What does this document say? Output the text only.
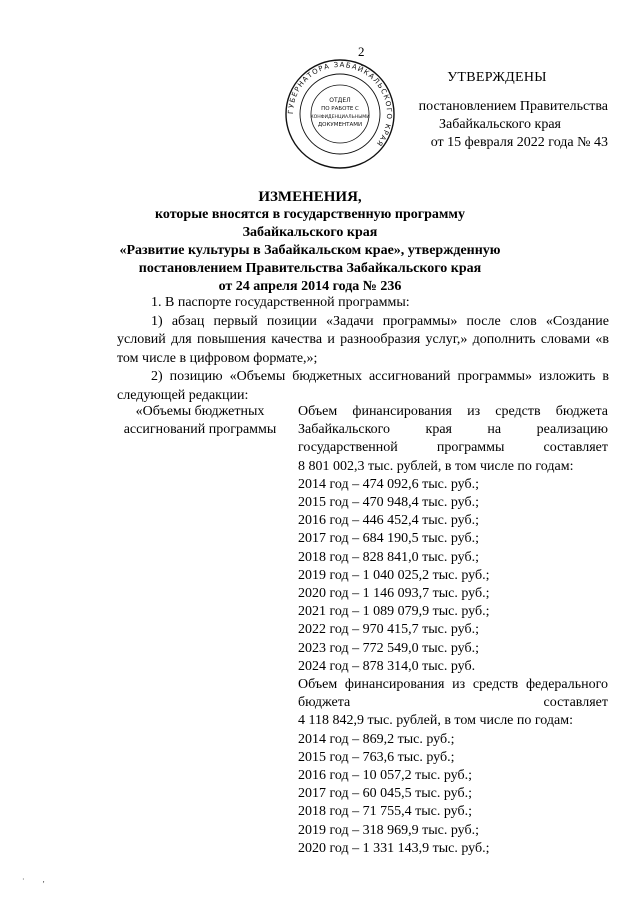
2
ГУБЕРНАТОРА ЗАБАЙКАЛЬСКОГО КРАЯ
ОТДЕЛ
ПО РАБОТЕ С
КОНФИДЕНЦИАЛЬНЫМИ
ДОКУМЕНТАМИ
УТВЕРЖДЕНЫ
постановлением Правительства
Забайкальского края
от 15 февраля 2022 года № 43
ИЗМЕНЕНИЯ,
которые вносятся в государственную программу Забайкальского края
«Развитие культуры в Забайкальском крае», утвержденную
постановлением Правительства Забайкальского края
от 24 апреля 2014 года № 236

1. В паспорте государственной программы:

1) абзац первый позиции «Задачи программы» после слов «Создание условий для повышения качества и разнообразия услуг,» дополнить словами «в том числе в цифровом формате,»;

2) позицию «Объемы бюджетных ассигнований программы» изложить в следующей редакции:

«Объемы бюджетных ассигнований программы
Объем финансирования из средств бюджета Забайкальского края на реализацию государственной программы составляет
8 801 002,3 тыс. рублей, в том числе по годам:
2014 год – 474 092,6 тыс. руб.;
2015 год – 470 948,4 тыс. руб.;
2016 год – 446 452,4 тыс. руб.;
2017 год – 684 190,5 тыс. руб.;
2018 год – 828 841,0 тыс. руб.;
2019 год – 1 040 025,2 тыс. руб.;
2020 год – 1 146 093,7 тыс. руб.;
2021 год – 1 089 079,9 тыс. руб.;
2022 год – 970 415,7 тыс. руб.;
2023 год – 772 549,0 тыс. руб.;
2024 год – 878 314,0 тыс. руб.
Объем финансирования из средств федерального бюджета составляет
4 118 842,9 тыс. рублей, в том числе по годам:
2014 год – 869,2 тыс. руб.;
2015 год – 763,6 тыс. руб.;
2016 год – 10 057,2 тыс. руб.;
2017 год – 60 045,5 тыс. руб.;
2018 год – 71 755,4 тыс. руб.;
2019 год – 318 969,9 тыс. руб.;
2020 год – 1 331 143,9 тыс. руб.;
·         ,
